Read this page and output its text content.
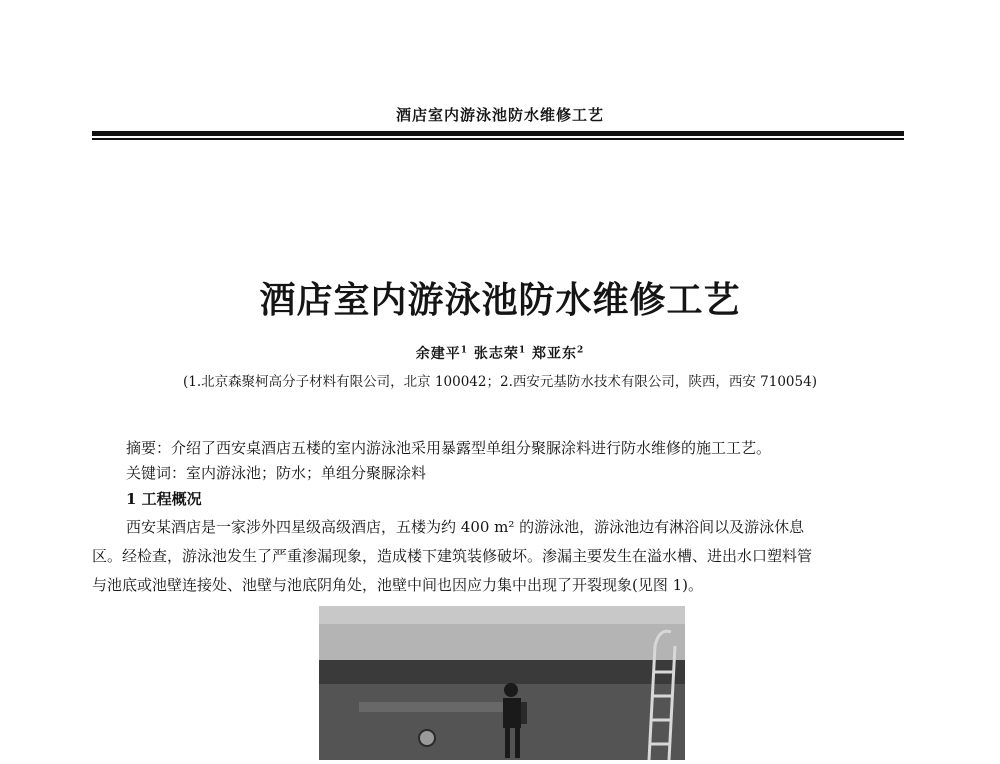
酒店室内游泳池防水维修工艺
酒店室内游泳池防水维修工艺
余建平$^1$ 张志荣$^1$ 郑亚东$^2$
(1.北京森聚柯高分子材料有限公司，北京 100042；2.西安元基防水技术有限公司，陕西，西安 710054)
摘要：介绍了西安桌酒店五楼的室内游泳池采用暴露型单组分聚脲涂料进行防水维修的施工工艺。
关键词：室内游泳池；防水；单组分聚脲涂料
1 工程概况
西安某酒店是一家涉外四星级高级酒店，五楼为约 400 m² 的游泳池，游泳池边有淋浴间以及游泳休息
区。经检查，游泳池发生了严重渗漏现象，造成楼下建筑装修破坏。渗漏主要发生在溢水槽、进出水口塑料管
与池底或池壁连接处、池壁与池底阴角处，池壁中间也因应力集中出现了开裂现象(见图 1)。
